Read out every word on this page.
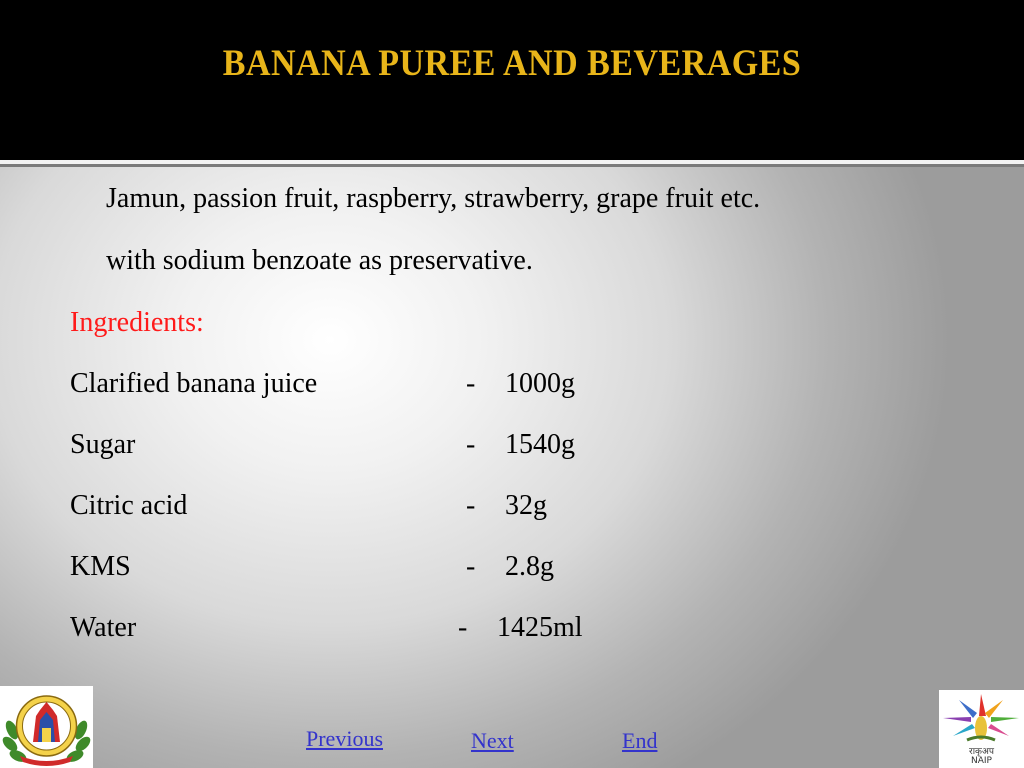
BANANA PUREE AND BEVERAGES
Jamun, passion fruit, raspberry, strawberry, grape fruit etc.
with sodium benzoate as preservative.
Ingredients:
Clarified banana juice	- 1000g
Sugar	- 1540g
Citric acid	- 32g
KMS	- 2.8g
Water	- 1425ml
Previous	Next	End	राकृअप
NAIP
